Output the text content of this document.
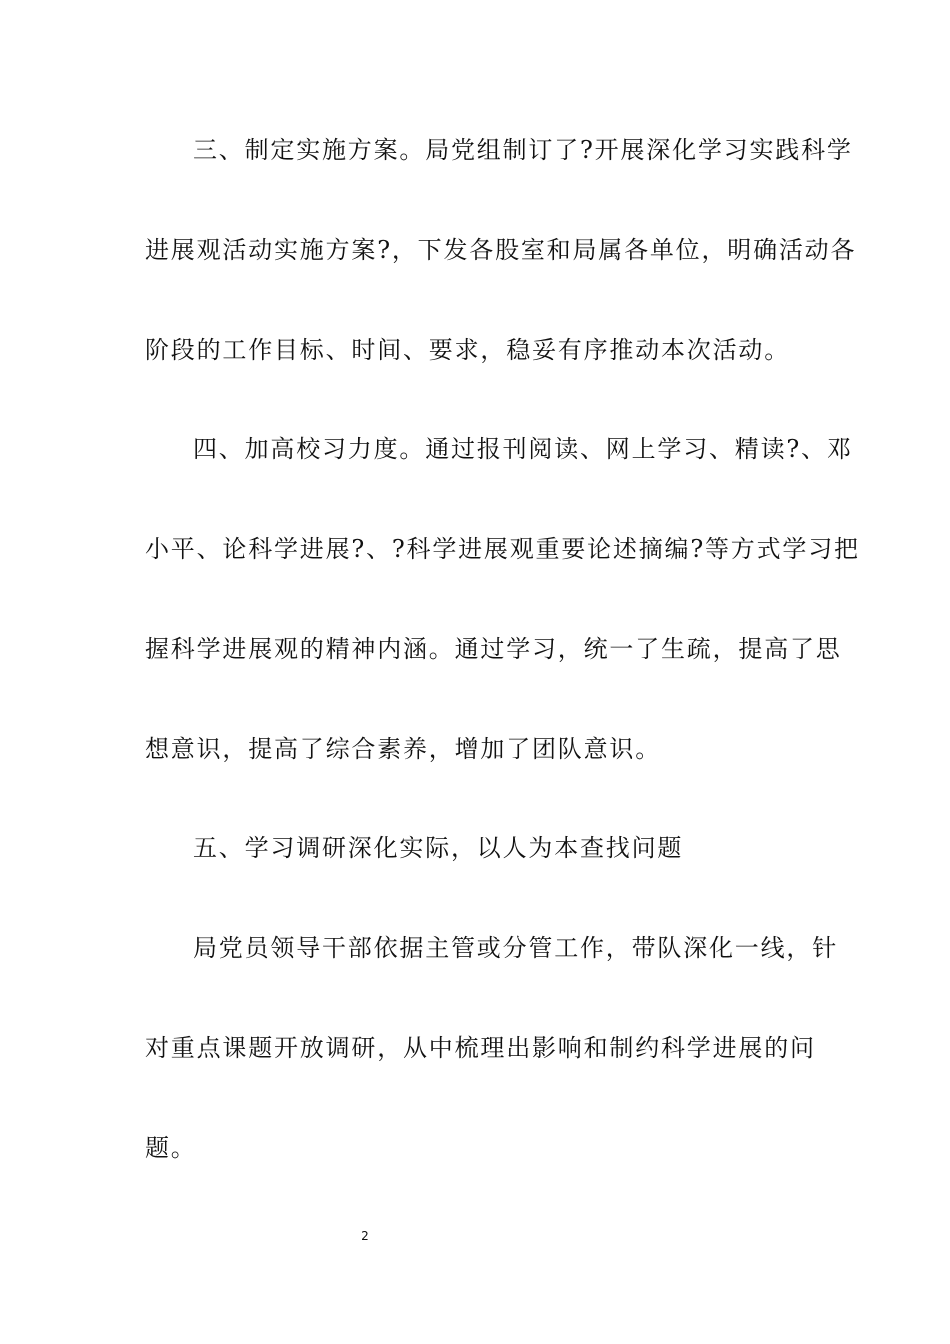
三、制定实施方案。局党组制订了?开展深化学习实践科学
进展观活动实施方案?，下发各股室和局属各单位，明确活动各
阶段的工作目标、时间、要求，稳妥有序推动本次活动。
四、加高校习力度。通过报刊阅读、网上学习、精读?、邓
小平、论科学进展?、?科学进展观重要论述摘编?等方式学习把
握科学进展观的精神内涵。通过学习，统一了生疏，提高了思
想意识，提高了综合素养，增加了团队意识。
五、学习调研深化实际，以人为本查找问题
局党员领导干部依据主管或分管工作，带队深化一线，针
对重点课题开放调研，从中梳理出影响和制约科学进展的问
题。
2
